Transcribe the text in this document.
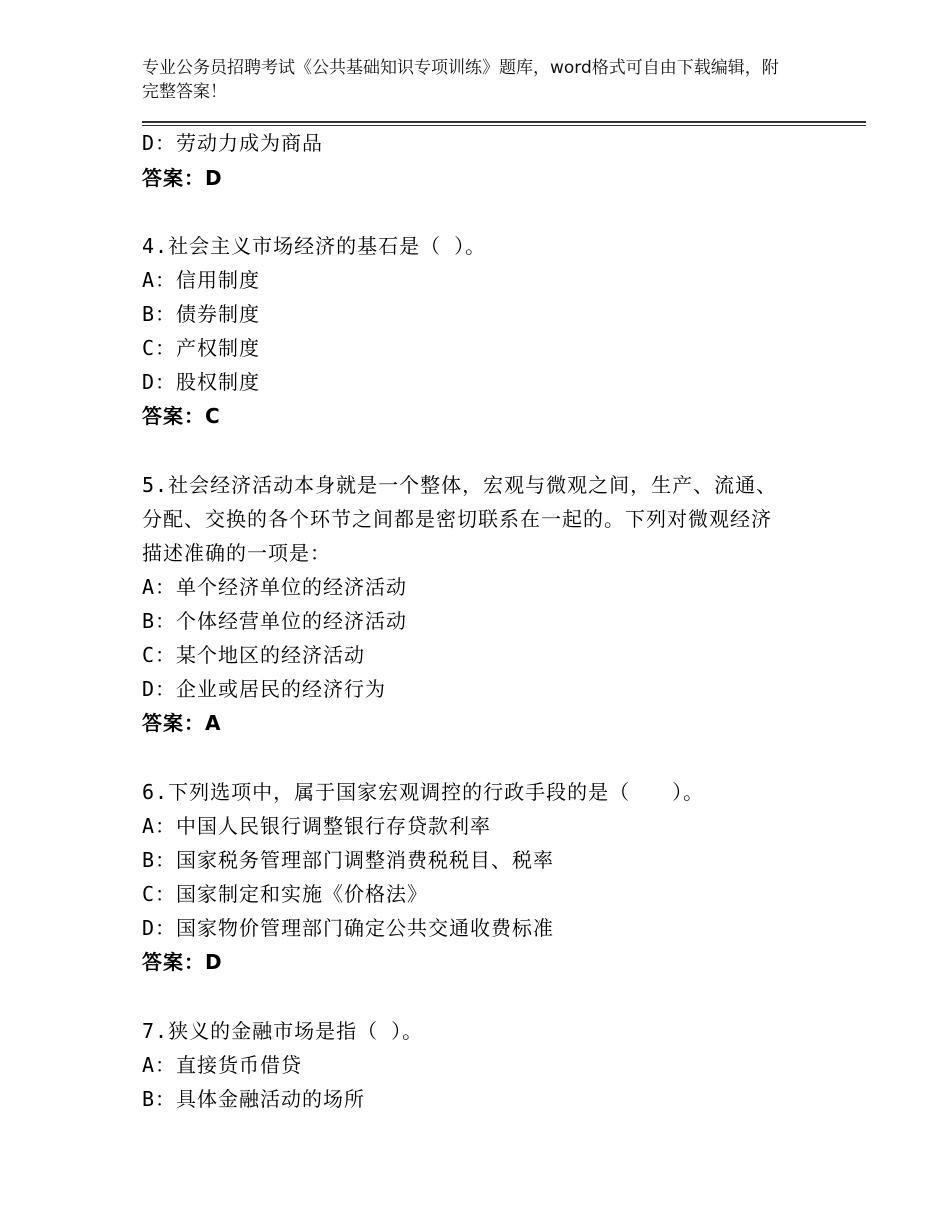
专业公务员招聘考试《公共基础知识专项训练》题库，word格式可自由下载编辑，附完整答案！
D：劳动力成为商品
答案：D
4.社会主义市场经济的基石是（ ）。
A：信用制度
B：债券制度
C：产权制度
D：股权制度
答案：C
5.社会经济活动本身就是一个整体，宏观与微观之间，生产、流通、
分配、交换的各个环节之间都是密切联系在一起的。下列对微观经济
描述准确的一项是：
A：单个经济单位的经济活动
B：个体经营单位的经济活动
C：某个地区的经济活动
D：企业或居民的经济行为
答案：A
6.下列选项中，属于国家宏观调控的行政手段的是（　　）。
A：中国人民银行调整银行存贷款利率
B：国家税务管理部门调整消费税税目、税率
C：国家制定和实施《价格法》
D：国家物价管理部门确定公共交通收费标准
答案：D
7.狭义的金融市场是指（ ）。
A：直接货币借贷
B：具体金融活动的场所
